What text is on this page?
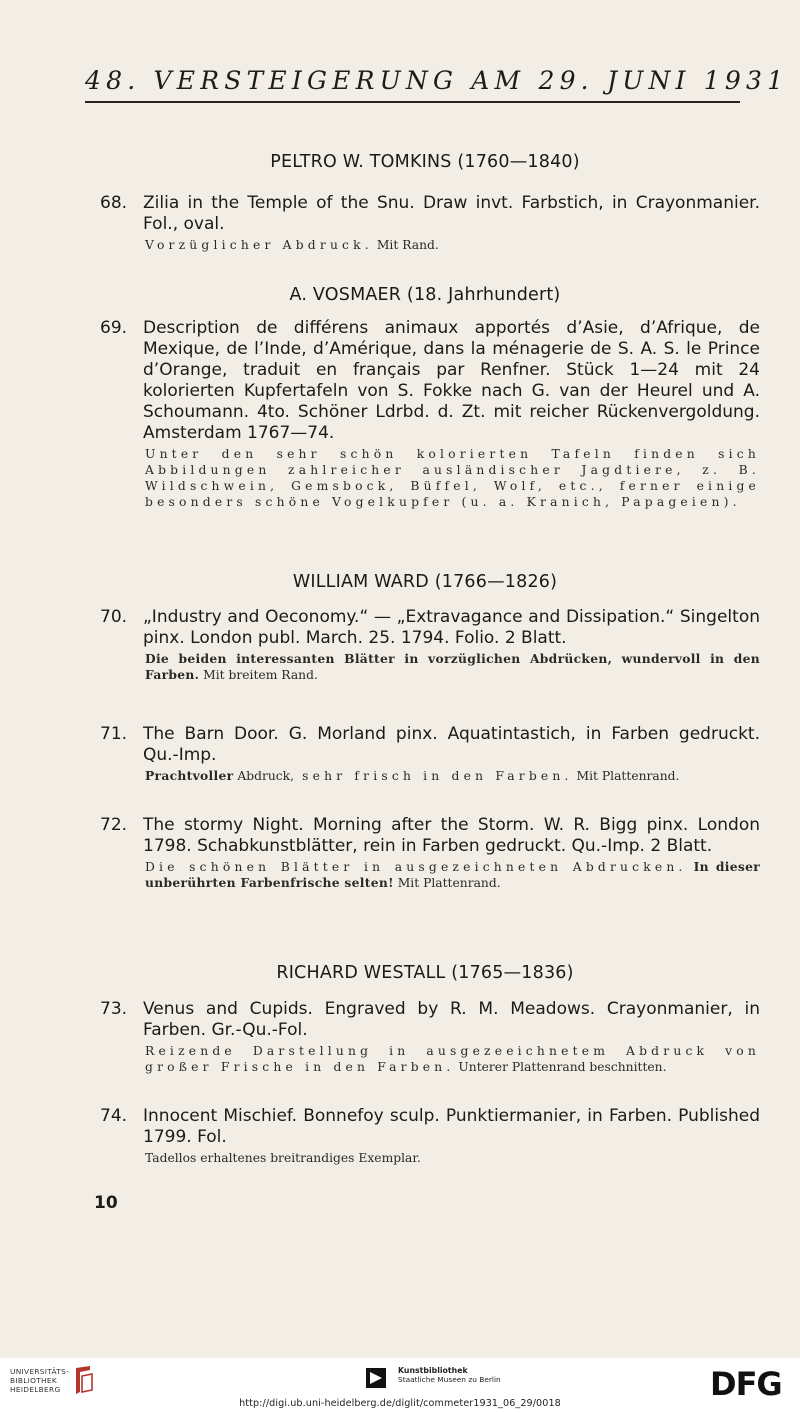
48. VERSTEIGERUNG AM 29. JUNI 1931
PELTRO W. TOMKINS (1760—1840)
68. Zilia in the Temple of the Snu. Draw invt. Farbstich, in Crayonmanier. Fol., oval.
Vorzüglicher Abdruck. Mit Rand.
A. VOSMAER (18. Jahrhundert)
69. Description de différens animaux apportés d’Asie, d’Afrique, de Mexique, de l’Inde, d’Amérique, dans la ménagerie de S. A. S. le Prince d’Orange, traduit en français par Renfner. Stück 1—24 mit 24 kolorierten Kupfertafeln von S. Fokke nach G. van der Heurel und A. Schoumann. 4to. Schöner Ldrbd. d. Zt. mit reicher Rückenvergoldung. Amsterdam 1767—74.
Unter den sehr schön kolorierten Tafeln finden sich Abbildungen zahlreicher ausländischer Jagdtiere, z. B. Wildschwein, Gemsbock, Büffel, Wolf, etc., ferner einige besonders schöne Vogelkupfer (u. a. Kranich, Papageien).
WILLIAM WARD (1766—1826)
70. „Industry and Oeconomy.“ — „Extravagance and Dissipation.“ Singelton pinx. London publ. March. 25. 1794. Folio. 2 Blatt.
Die beiden interessanten Blätter in vorzüglichen Abdrücken, wundervoll in den Farben. Mit breitem Rand.
71. The Barn Door. G. Morland pinx. Aquatintastich, in Farben gedruckt. Qu.-Imp.
Prachtvoller Abdruck, sehr frisch in den Farben. Mit Plattenrand.
72. The stormy Night. Morning after the Storm. W. R. Bigg pinx. London 1798. Schabkunstblätter, rein in Farben gedruckt. Qu.-Imp. 2 Blatt.
Die schönen Blätter in ausgezeichneten Abdrucken. In dieser unberührten Farbenfrische selten! Mit Plattenrand.
RICHARD WESTALL (1765—1836)
73. Venus and Cupids. Engraved by R. M. Meadows. Crayonmanier, in Farben. Gr.-Qu.-Fol.
Reizende Darstellung in ausgezeeichnetem Abdruck von großer Frische in den Farben. Unterer Plattenrand beschnitten.
74. Innocent Mischief. Bonnefoy sculp. Punktiermanier, in Farben. Published 1799. Fol.
Tadellos erhaltenes breitrandiges Exemplar.
10
UNIVERSITÄTS-
BIBLIOTHEK
HEIDELBERG
Kunstbibliothek
Staatliche Museen zu Berlin	DFG
http://digi.ub.uni-heidelberg.de/diglit/commeter1931_06_29/0018
